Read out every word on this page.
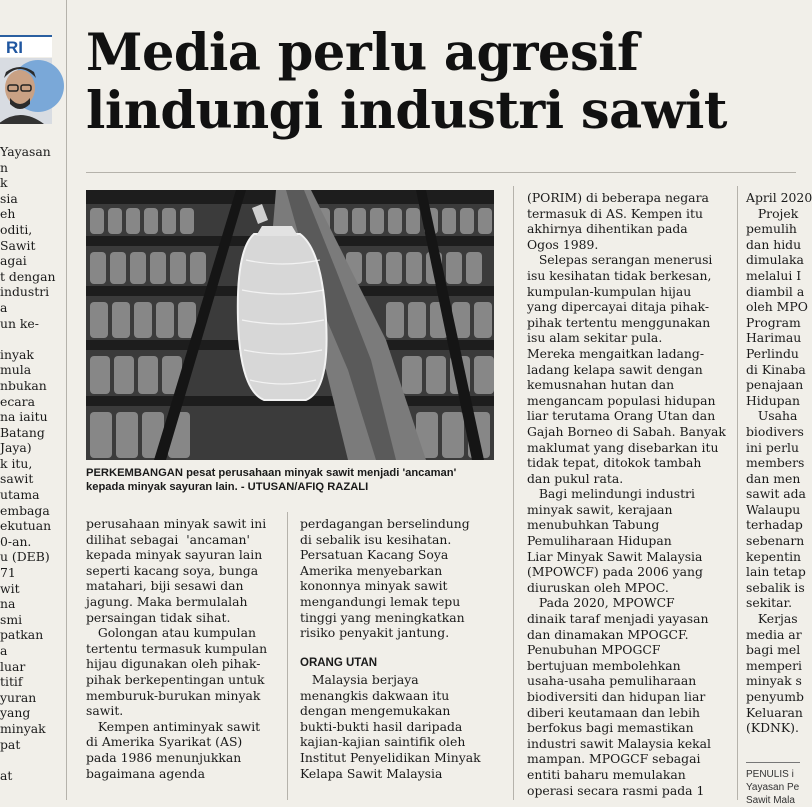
RI
Yayasan
n
k
sia
eh
oditi,
Sawit
agai
t dengan
industri
a
un ke-
inyak
mula
nbukan
ecara
na iaitu
Batang
Jaya)
k itu,
sawit
utama
embaga
ekutuan
0-an.
u (DEB)
71
wit
na
smi
patkan
a
luar
titif
yuran
yang
minyak
pat
at
Media perlu agresif
lindungi industri sawit
PERKEMBANGAN pesat perusahaan minyak sawit menjadi 'ancaman'
kepada minyak sayuran lain. - UTUSAN/AFIQ RAZALI
perusahaan minyak sawit ini
dilihat sebagai  'ancaman'
kepada minyak sayuran lain
seperti kacang soya, bunga
matahari, biji sesawi dan
jagung. Maka bermulalah
persaingan tidak sihat.
Golongan atau kumpulan
tertentu termasuk kumpulan
hijau digunakan oleh pihak-
pihak berkepentingan untuk
memburuk-burukan minyak
sawit.
Kempen antiminyak sawit
di Amerika Syarikat (AS)
pada 1986 menunjukkan
bagaimana agenda
perdagangan berselindung
di sebalik isu kesihatan.
Persatuan Kacang Soya
Amerika menyebarkan
kononnya minyak sawit
mengandungi lemak tepu
tinggi yang meningkatkan
risiko penyakit jantung.
ORANG UTAN
Malaysia berjaya
menangkis dakwaan itu
dengan mengemukakan
bukti-bukti hasil daripada
kajian-kajian saintifik oleh
Institut Penyelidikan Minyak
Kelapa Sawit Malaysia
(PORIM) di beberapa negara
termasuk di AS. Kempen itu
akhirnya dihentikan pada
Ogos 1989.
Selepas serangan menerusi
isu kesihatan tidak berkesan,
kumpulan-kumpulan hijau
yang dipercayai ditaja pihak-
pihak tertentu menggunakan
isu alam sekitar pula.
Mereka mengaitkan ladang-
ladang kelapa sawit dengan
kemusnahan hutan dan
mengancam populasi hidupan
liar terutama Orang Utan dan
Gajah Borneo di Sabah. Banyak
maklumat yang disebarkan itu
tidak tepat, ditokok tambah
dan pukul rata.
Bagi melindungi industri
minyak sawit, kerajaan
menubuhkan Tabung
Pemuliharaan Hidupan
Liar Minyak Sawit Malaysia
(MPOWCF) pada 2006 yang
diuruskan oleh MPOC.
Pada 2020, MPOWCF
dinaik taraf menjadi yayasan
dan dinamakan MPOGCF.
Penubuhan MPOGCF
bertujuan membolehkan
usaha-usaha pemuliharaan
biodiversiti dan hidupan liar
diberi keutamaan dan lebih
berfokus bagi memastikan
industri sawit Malaysia kekal
mampan. MPOGCF sebagai
entiti baharu memulakan
operasi secara rasmi pada 1
April 2020
Projek
pemulih
dan hidu
dimulaka
melalui I
diambil a
oleh MPO
Program
Harimau
Perlindu
di Kinaba
penajaan
Hidupan
Usaha
biodivers
ini perlu
members
dan men
sawit ada
Walaupu
terhadap
sebenarn
kepentin
lain tetap
sebalik is
sekitar.
Kerjas
media ar
bagi mel
memperi
minyak s
penyumb
Keluaran
(KDNK).
PENULIS i
Yayasan Pe
Sawit Mala
